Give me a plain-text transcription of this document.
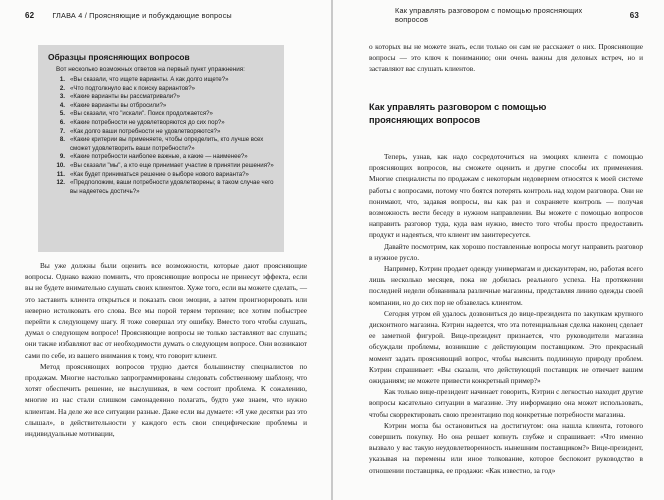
62 ГЛАВА 4 / Проясняющие и побуждающие вопросы
Образцы проясняющих вопросов
Вот несколько возможных ответов на первый пункт упражнения:
1. «Вы сказали, что ищете варианты. А как долго ищете?»
2. «Что подтолкнуло вас к поиску вариантов?»
3. «Какие варианты вы рассматривали?»
4. «Какие варианты вы отбросили?»
5. «Вы сказали, что "искали". Поиск продолжается?»
6. «Какие потребности не удовлетворяются до сих пор?»
7. «Как долго ваши потребности не удовлетворяются?»
8. «Какие критерии вы применяете, чтобы определить, кто лучше всех сможет удовлетворить ваши потребности?»
9. «Какие потребности наиболее важные, а какие — наименее?»
10. «Вы сказали "мы", а кто еще принимает участие в принятии решения?»
11. «Как будет приниматься решение о выборе нового варианта?»
12. «Предположим, ваши потребности удовлетворены; в таком случае чего вы надеетесь достичь?»

Вы уже должны были оценить все возможности, которые дают проясняющие вопросы. Однако важно помнить, что проясняющие вопросы не принесут эффекта, если вы не будете внимательно слушать своих клиентов. Хуже того, если вы можете сделать, — это заставить клиента открыться и показать свои эмоции, а затем проигнорировать или неверно истолковать его слова. Все мы порой теряем терпение; все хотим побыстрее перейти к следующему шагу. Я тоже совершал эту ошибку. Вместо того чтобы слушать, думал о следующем вопросе! Проясняющие вопросы не только заставляют вас слушать; они также избавляют вас от необходимости думать о следующем вопросе. Они возникают сами по себе, из вашего внимания к тому, что говорит клиент.

Метод проясняющих вопросов трудно дается большинству специалистов по продажам. Многие настолько запрограммированы следовать собственному шаблону, что хотят обеспечить решение, не выслушивая, в чем состоит проблема. К сожалению, многие из нас стали слишком самонадеянно полагать, будто уже знаем, что нужно клиентам. На деле же все ситуации разные. Даже если вы думаете: «Я уже десятки раз это слышал», в действительности у каждого есть свои специфические проблемы и индивидуальные мотивации,

Как управлять разговором с помощью проясняющих вопросов	63

о которых вы не можете знать, если только он сам не расскажет о них. Проясняющие вопросы — это ключ к пониманию; они очень важны для деловых встреч, но и заставляют вас слушать клиентов.

Как управлять разговором с помощью проясняющих вопросов

Теперь, узнав, как надо сосредоточиться на эмоциях клиента с помощью проясняющих вопросов, вы сможете оценить и другие способы их применения. Многие специалисты по продажам с некоторым недоверием относятся к моей системе работы с вопросами, потому что боятся потерять контроль над ходом разговора. Они не понимают, что, задавая вопросы, вы как раз и сохраняете контроль — получая возможность вести беседу в нужном направлении. Вы можете с помощью вопросов направить разговор туда, куда вам нужно, вместо того чтобы просто предоставить продукт и надеяться, что клиент им заинтересуется.

Давайте посмотрим, как хорошо поставленные вопросы могут направить разговор в нужное русло.

Например, Кэтрин продает одежду универмагам и дискаунтерам, но, работая всего лишь несколько месяцев, пока не добилась реального успеха. На протяжении последней недели обзванивала различные магазины, представляя линию одежды своей компании, но до сих пор не обзавелась клиентом.

Сегодня утром ей удалось дозвониться до вице-президента по закупкам крупного дисконтного магазина. Кэтрин надеется, что эта потенциальная сделка наконец сделает ее заметной фигурой. Вице-президент признается, что руководители магазина обсуждали проблемы, возникшие с действующим поставщиком. Это прекрасный момент задать проясняющий вопрос, чтобы выяснить подлинную природу проблем. Кэтрин спрашивает: «Вы сказали, что действующий поставщик не отвечает вашим ожиданиям; не можете привести конкретный пример?»

Как только вице-президент начинает говорить, Кэтрин с легкостью находит другие вопросы касательно ситуации в магазине. Эту информацию она может использовать, чтобы скорректировать свою презентацию под конкретные потребности магазина.

Кэтрин могла бы остановиться на достигнутом: она нашла клиента, готового совершить покупку. Но она решает копнуть глубже и спрашивает: «Что именно вызвало у вас такую неудовлетворенность нынешним поставщиком?» Вице-президент, указывая на перемены или иное толкование, которое беспокоит руководство в отношении поставщика, ее продажи: «Как известно, за год»
